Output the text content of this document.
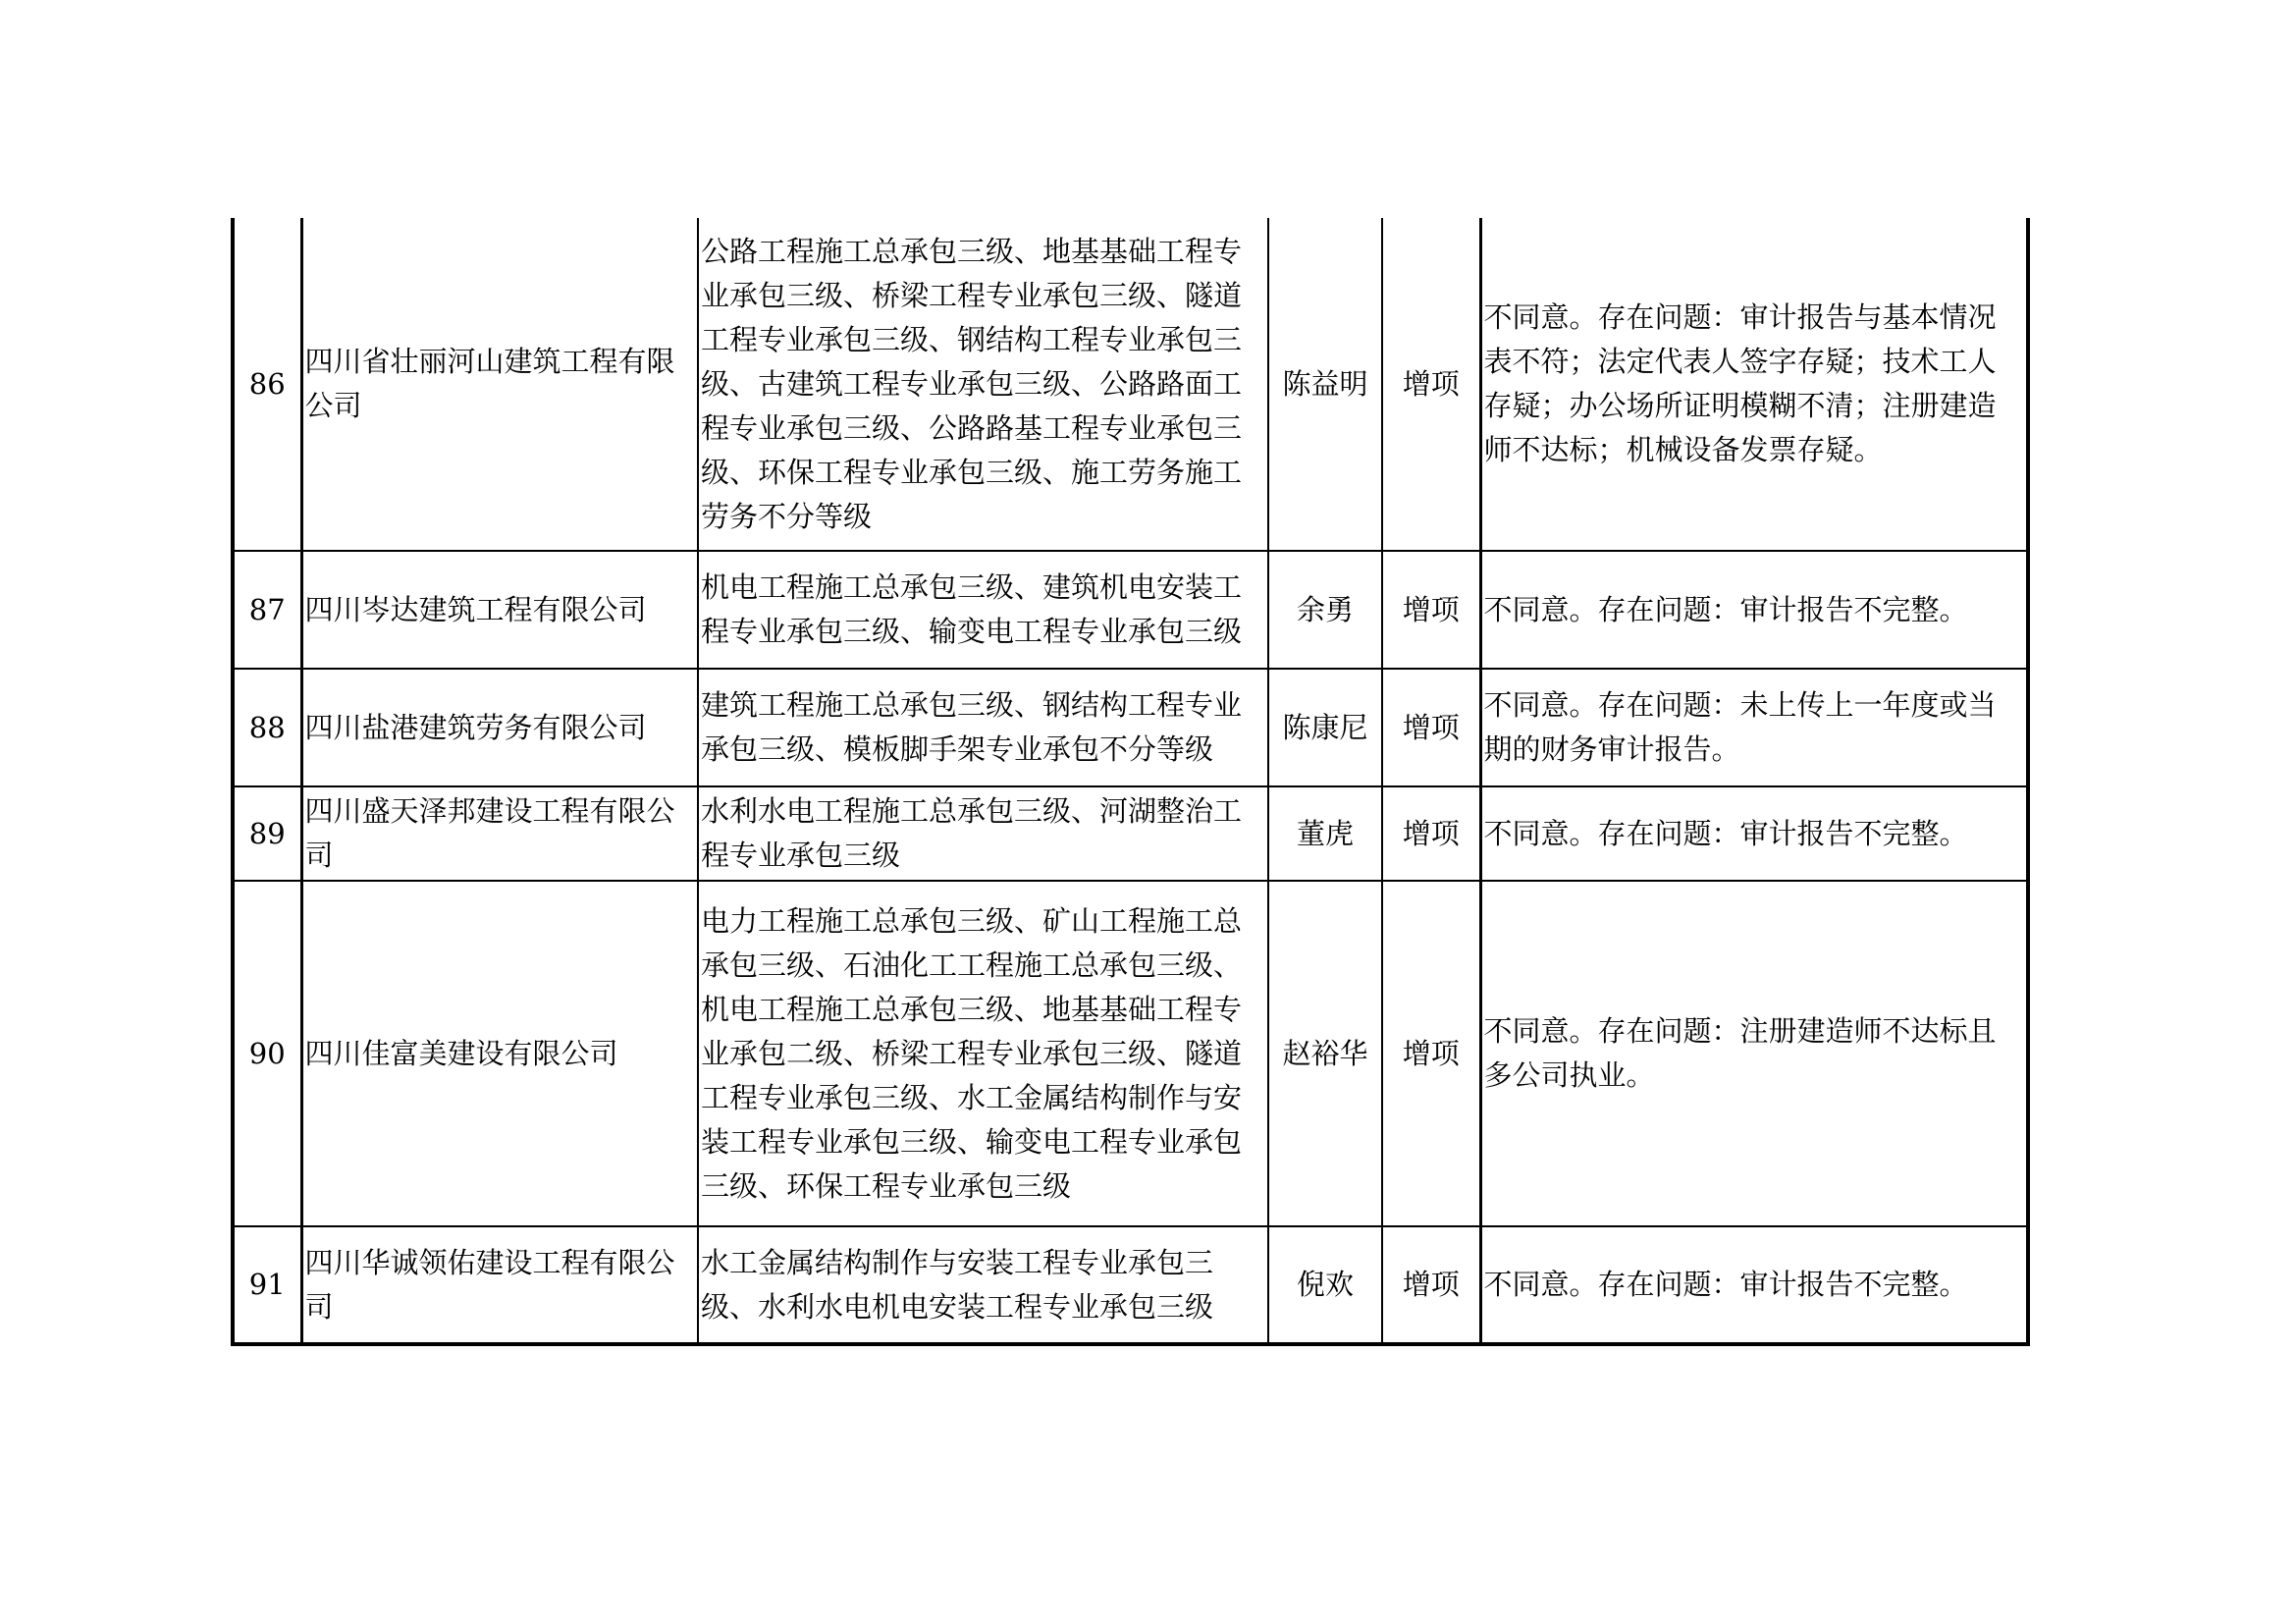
86	四川省壮丽河山建筑工程有限公司	公路工程施工总承包三级、地基基础工程专业承包三级、桥梁工程专业承包三级、隧道工程专业承包三级、钢结构工程专业承包三级、古建筑工程专业承包三级、公路路面工程专业承包三级、公路路基工程专业承包三级、环保工程专业承包三级、施工劳务施工劳务不分等级	陈益明	增项	不同意。存在问题：审计报告与基本情况表不符；法定代表人签字存疑；技术工人存疑；办公场所证明模糊不清；注册建造师不达标；机械设备发票存疑。
87	四川岑达建筑工程有限公司	机电工程施工总承包三级、建筑机电安装工程专业承包三级、输变电工程专业承包三级	余勇	增项	不同意。存在问题：审计报告不完整。
88	四川盐港建筑劳务有限公司	建筑工程施工总承包三级、钢结构工程专业承包三级、模板脚手架专业承包不分等级	陈康尼	增项	不同意。存在问题：未上传上一年度或当期的财务审计报告。
89	四川盛天泽邦建设工程有限公司	水利水电工程施工总承包三级、河湖整治工程专业承包三级	董虎	增项	不同意。存在问题：审计报告不完整。
90	四川佳富美建设有限公司	电力工程施工总承包三级、矿山工程施工总承包三级、石油化工工程施工总承包三级、机电工程施工总承包三级、地基基础工程专业承包二级、桥梁工程专业承包三级、隧道工程专业承包三级、水工金属结构制作与安装工程专业承包三级、输变电工程专业承包三级、环保工程专业承包三级	赵裕华	增项	不同意。存在问题：注册建造师不达标且多公司执业。
91	四川华诚领佑建设工程有限公司	水工金属结构制作与安装工程专业承包三级、水利水电机电安装工程专业承包三级	倪欢	增项	不同意。存在问题：审计报告不完整。
